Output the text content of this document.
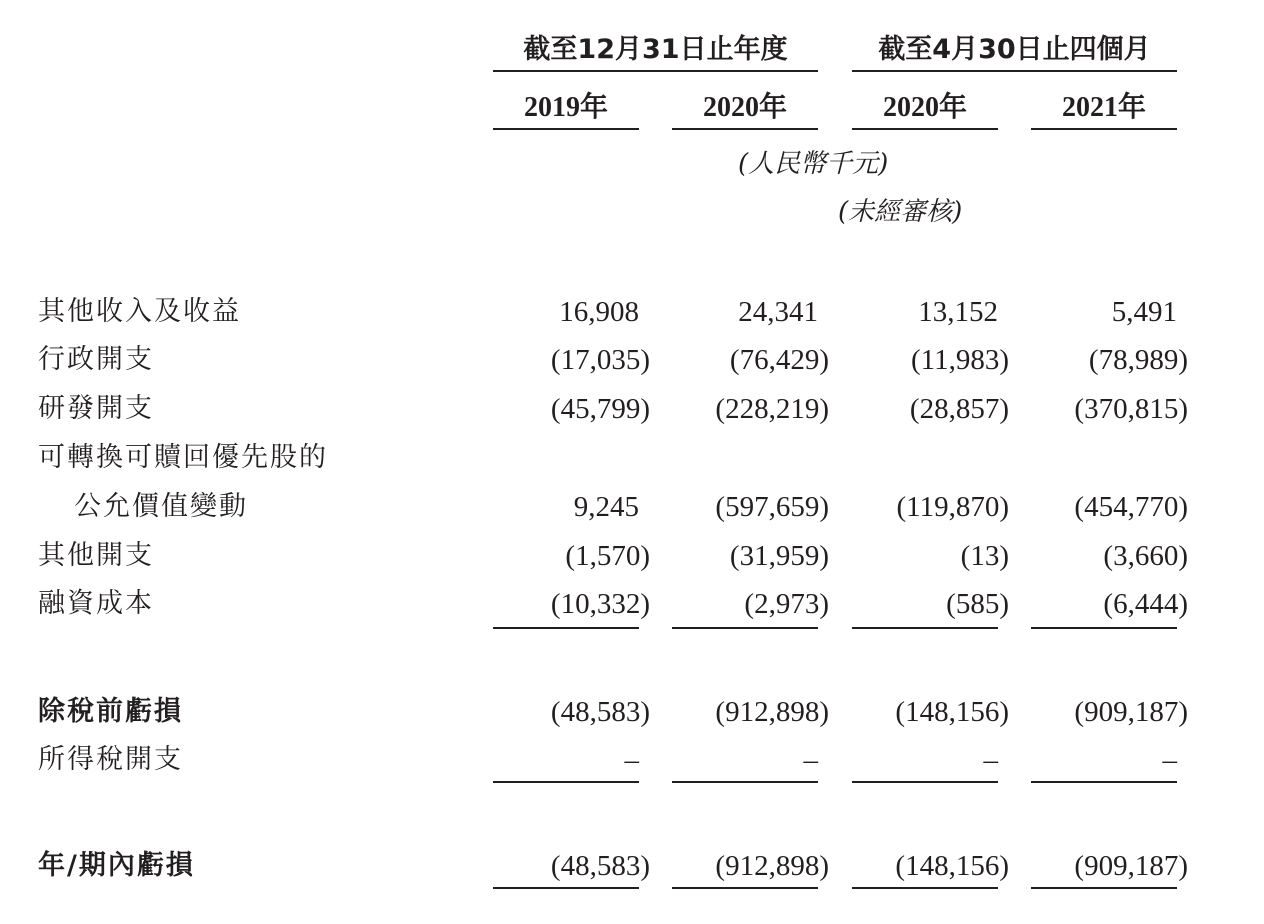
截至12月31日止年度	截至4月30日止四個月
2019年	2020年	2020年	2021年
(人民幣千元)
(未經審核)
其他收入及收益	16,908	24,341	13,152	5,491
行政開支	(17,035)	(76,429)	(11,983)	(78,989)
研發開支	(45,799)	(228,219)	(28,857)	(370,815)
可轉換可贖回優先股的
公允價值變動	9,245	(597,659)	(119,870)	(454,770)
其他開支	(1,570)	(31,959)	(13)	(3,660)
融資成本	(10,332)	(2,973)	(585)	(6,444)
除稅前虧損	(48,583)	(912,898)	(148,156)	(909,187)
所得稅開支	–	–	–	–
年/期內虧損	(48,583)	(912,898)	(148,156)	(909,187)
